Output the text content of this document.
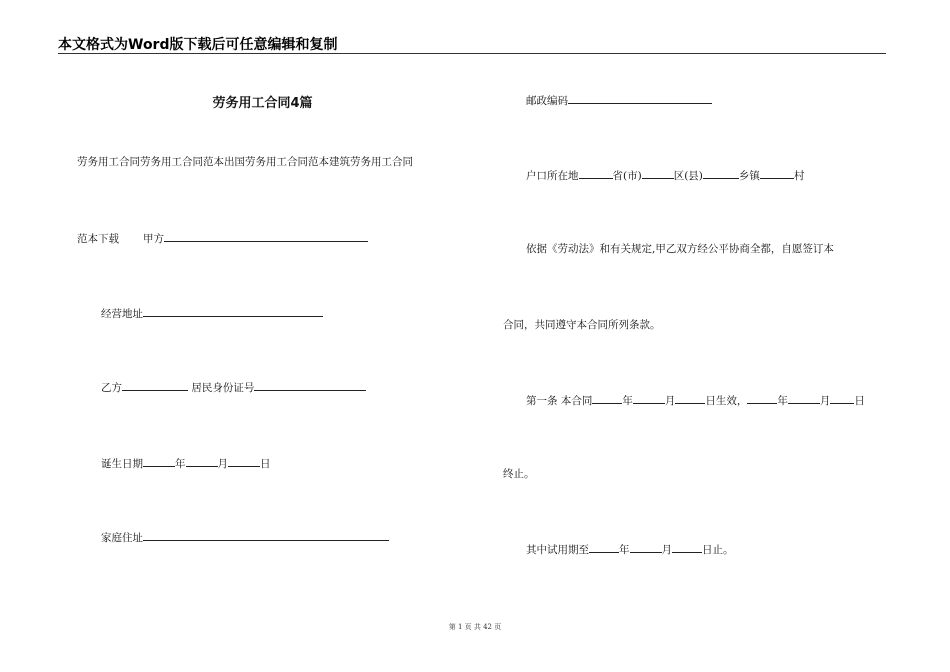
本文格式为Word版下载后可任意编辑和复制
劳务用工合同4篇
劳务用工合同劳务用工合同范本出国劳务用工合同范本建筑劳务用工合同
范本下载 甲方
经营地址
乙方	居民身份证号
诞生日期	年	月	日
家庭住址
邮政编码
户口所在地	省(市)	区(县)	乡镇	村
依据《劳动法》和有关规定,甲乙双方经公平协商全都，自愿签订本
合同，共同遵守本合同所列条款。
第一条 本合同	年	月	日生效，	年	月 日
终止。
其中试用期至	年	月	日止。
第 1 页 共 42 页
